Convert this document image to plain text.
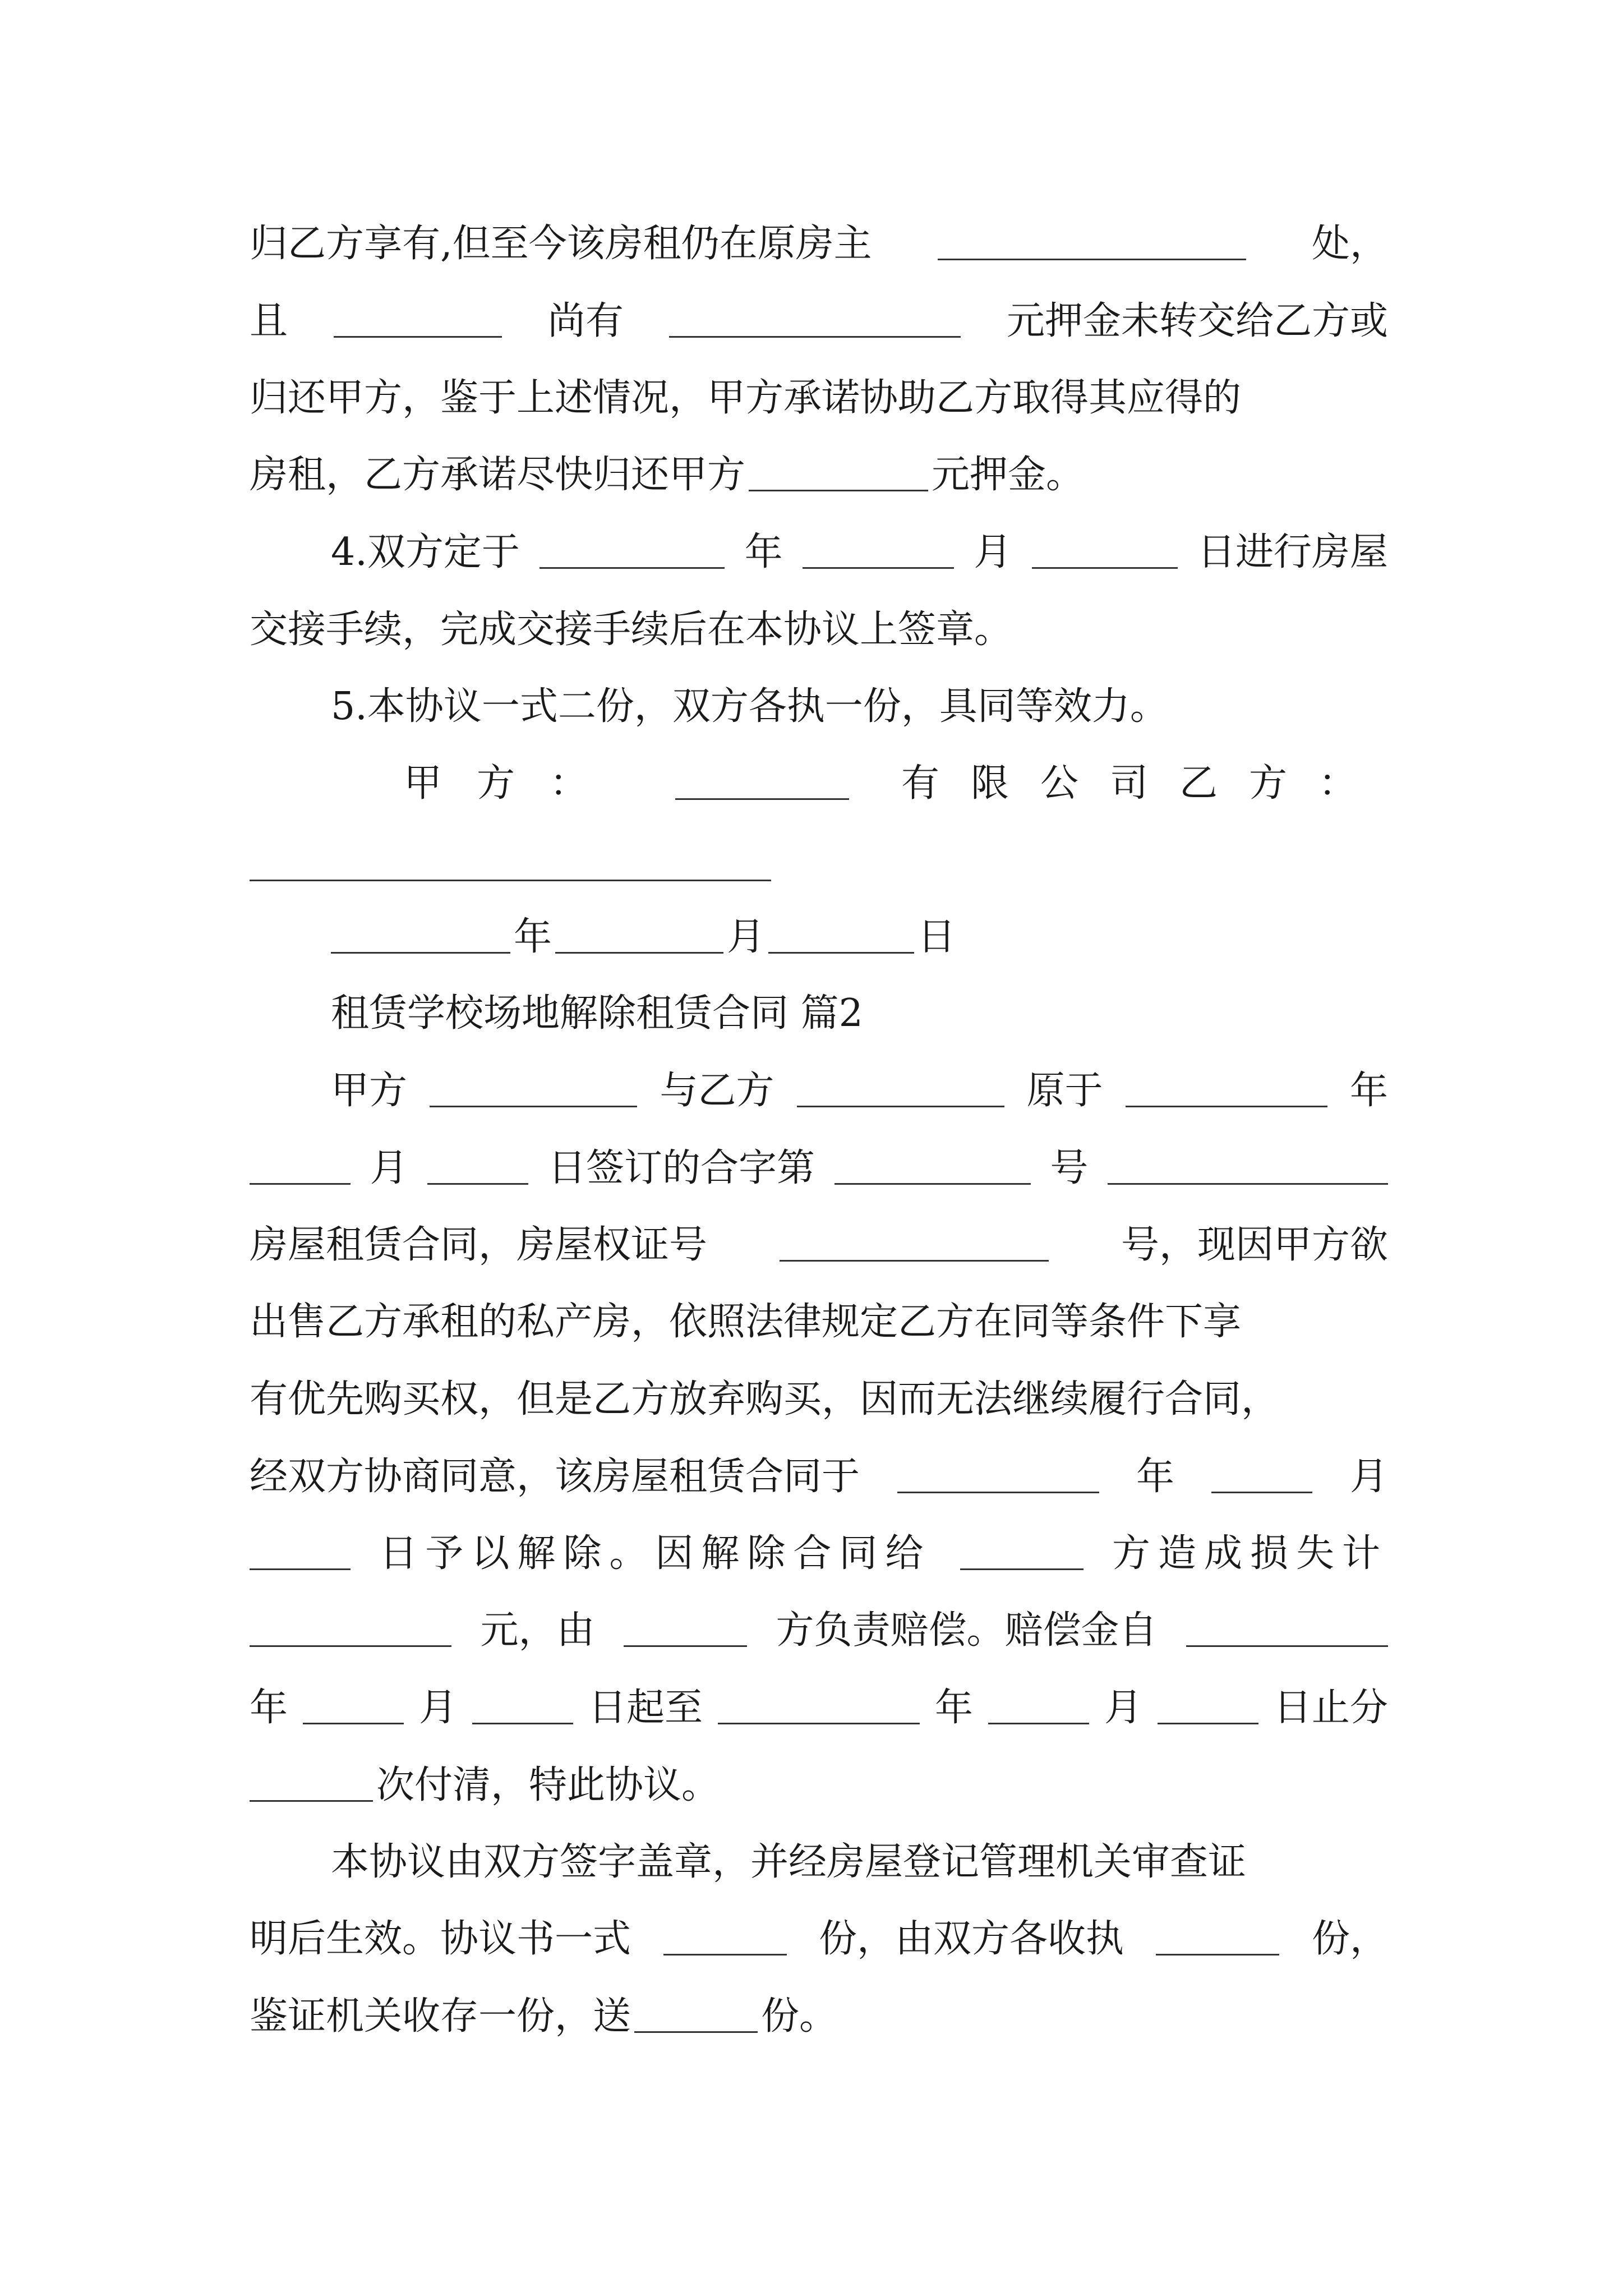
归乙方享有,但至今该房租仍在原房主	处，
且	尚有	元押金未转交给乙方或
归还甲方，鉴于上述情况，甲方承诺协助乙方取得其应得的
房租，乙方承诺尽快归还甲方	元押金。
4.双方定于	年	月	日进行房屋
交接手续，完成交接手续后在本协议上签章。
5.本协议一式二份，双方各执一份，具同等效力。
甲方：	有限公司乙方：
年	月	日
租赁学校场地解除租赁合同 篇2
甲方	与乙方	原于	年
月	日签订的合字第	号
房屋租赁合同，房屋权证号	号，现因甲方欲
出售乙方承租的私产房，依照法律规定乙方在同等条件下享
有优先购买权，但是乙方放弃购买，因而无法继续履行合同，
经双方协商同意，该房屋租赁合同于	年	月
日予以解除。因解除合同给	方造成损失计
元，由	方负责赔偿。赔偿金自
年	月	日起至	年	月	日止分
次付清，特此协议。
本协议由双方签字盖章，并经房屋登记管理机关审查证
明后生效。协议书一式	份，由双方各收执	份，
鉴证机关收存一份，送	份。
